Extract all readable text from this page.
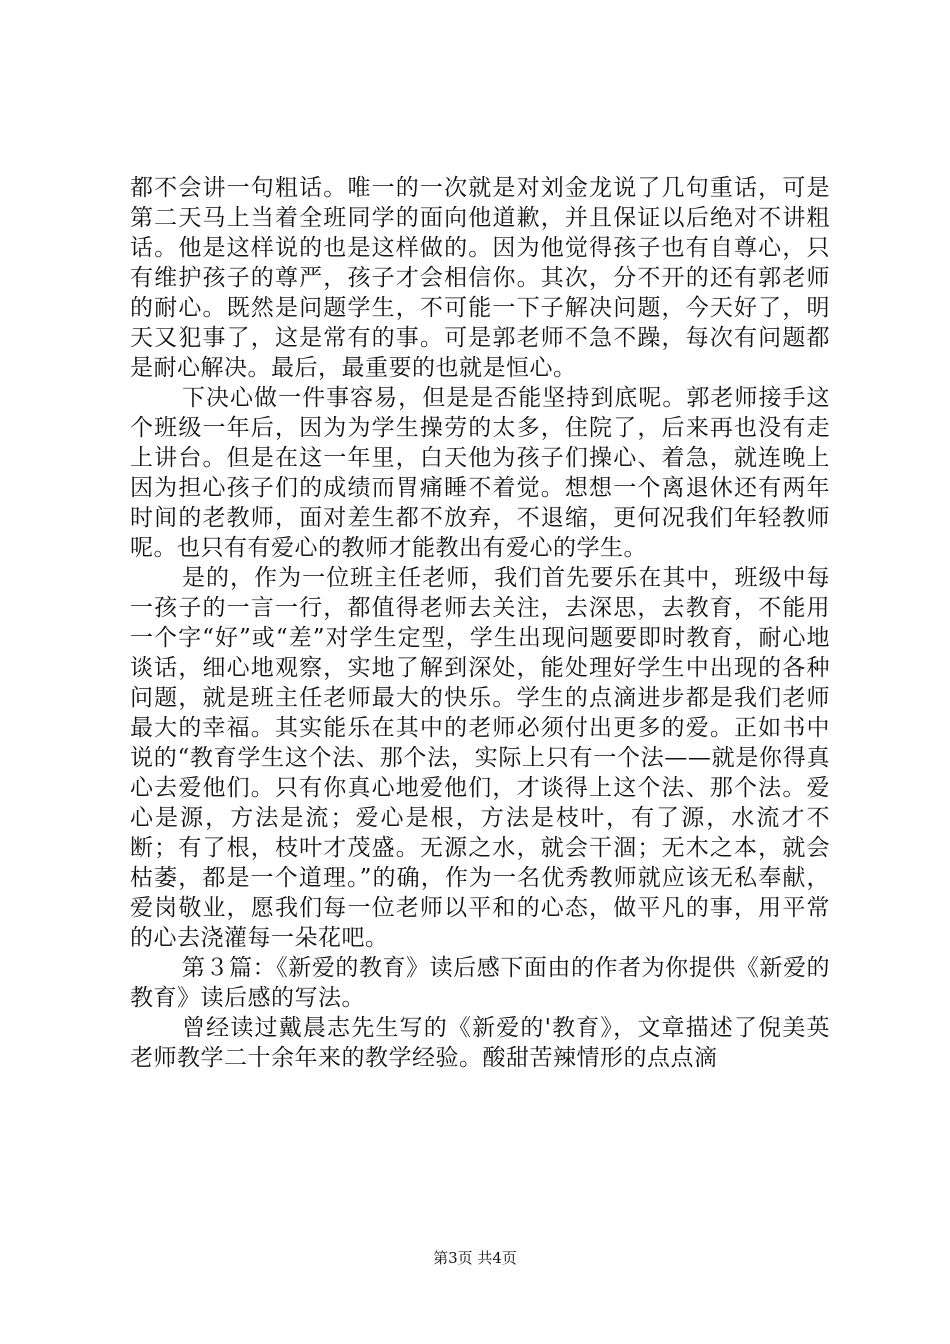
都不会讲一句粗话。唯一的一次就是对刘金龙说了几句重话，可是第二天马上当着全班同学的面向他道歉，并且保证以后绝对不讲粗话。他是这样说的也是这样做的。因为他觉得孩子也有自尊心，只有维护孩子的尊严，孩子才会相信你。其次，分不开的还有郭老师的耐心。既然是问题学生，不可能一下子解决问题，今天好了，明天又犯事了，这是常有的事。可是郭老师不急不躁，每次有问题都是耐心解决。最后，最重要的也就是恒心。

下决心做一件事容易，但是是否能坚持到底呢。郭老师接手这个班级一年后，因为为学生操劳的太多，住院了，后来再也没有走上讲台。但是在这一年里，白天他为孩子们操心、着急，就连晚上因为担心孩子们的成绩而胃痛睡不着觉。想想一个离退休还有两年时间的老教师，面对差生都不放弃，不退缩，更何况我们年轻教师呢。也只有有爱心的教师才能教出有爱心的学生。

是的，作为一位班主任老师，我们首先要乐在其中，班级中每一孩子的一言一行，都值得老师去关注，去深思，去教育，不能用一个字“好”或“差”对学生定型，学生出现问题要即时教育，耐心地谈话，细心地观察，实地了解到深处，能处理好学生中出现的各种问题，就是班主任老师最大的快乐。学生的点滴进步都是我们老师最大的幸福。其实能乐在其中的老师必须付出更多的爱。正如书中说的“教育学生这个法、那个法，实际上只有一个法——就是你得真心去爱他们。只有你真心地爱他们，才谈得上这个法、那个法。爱心是源，方法是流；爱心是根，方法是枝叶，有了源，水流才不断；有了根，枝叶才茂盛。无源之水，就会干涸；无木之本，就会枯萎，都是一个道理。”的确，作为一名优秀教师就应该无私奉献，爱岗敬业，愿我们每一位老师以平和的心态，做平凡的事，用平常的心去浇灌每一朵花吧。

第３篇：《新爱的教育》读后感下面由的作者为你提供《新爱的教育》读后感的写法。

曾经读过戴晨志先生写的《新爱的'教育》，文章描述了倪美英老师教学二十余年来的教学经验。酸甜苦辣情形的点点滴

第3页 共4页
